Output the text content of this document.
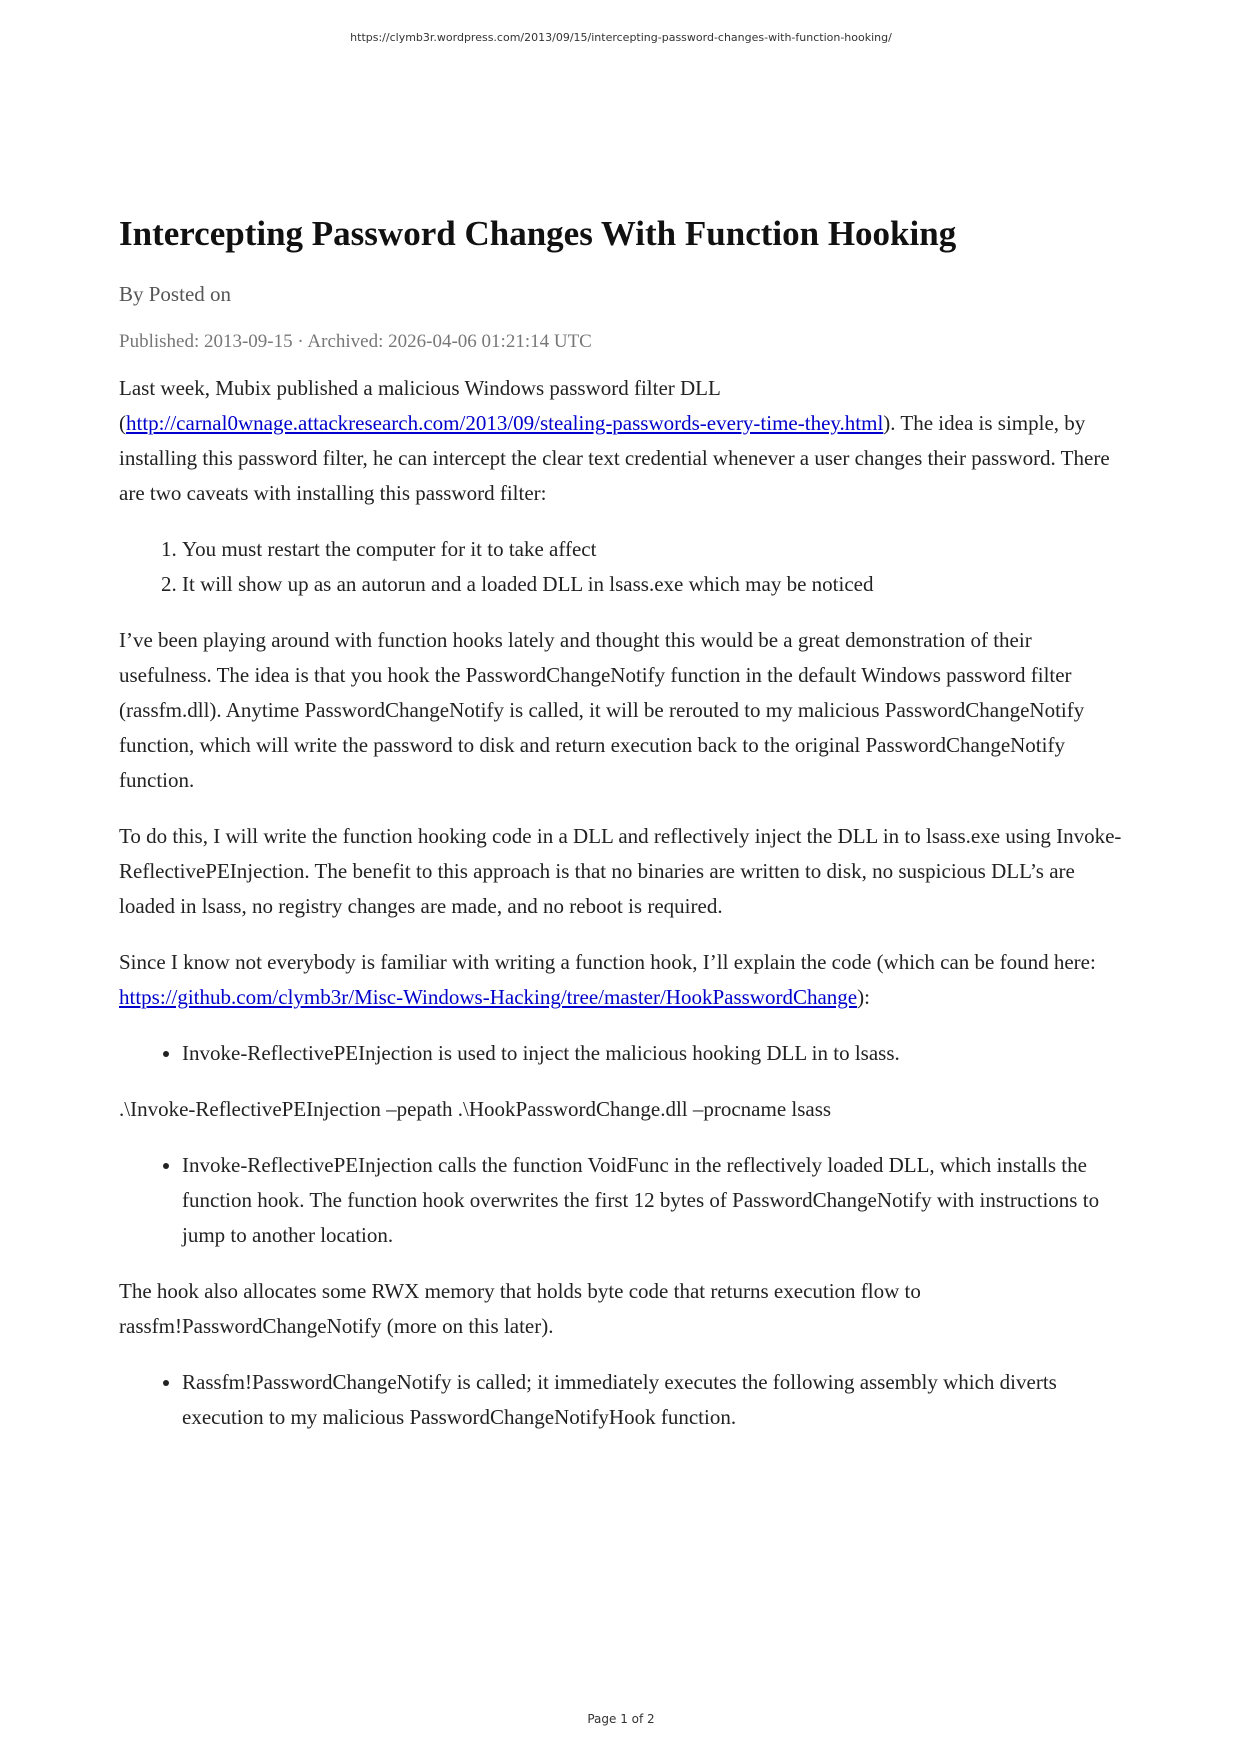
https://clymb3r.wordpress.com/2013/09/15/intercepting-password-changes-with-function-hooking/
Intercepting Password Changes With Function Hooking
By Posted on
Published: 2013-09-15 · Archived: 2026-04-06 01:21:14 UTC

Last week, Mubix published a malicious Windows password filter DLL (http://carnal0wnage.attackresearch.com/2013/09/stealing-passwords-every-time-they.html). The idea is simple, by installing this password filter, he can intercept the clear text credential whenever a user changes their password. There are two caveats with installing this password filter:

1. You must restart the computer for it to take affect
2. It will show up as an autorun and a loaded DLL in lsass.exe which may be noticed

I’ve been playing around with function hooks lately and thought this would be a great demonstration of their usefulness. The idea is that you hook the PasswordChangeNotify function in the default Windows password filter (rassfm.dll). Anytime PasswordChangeNotify is called, it will be rerouted to my malicious PasswordChangeNotify function, which will write the password to disk and return execution back to the original PasswordChangeNotify function.

To do this, I will write the function hooking code in a DLL and reflectively inject the DLL in to lsass.exe using Invoke-ReflectivePEInjection. The benefit to this approach is that no binaries are written to disk, no suspicious DLL’s are loaded in lsass, no registry changes are made, and no reboot is required.

Since I know not everybody is familiar with writing a function hook, I’ll explain the code (which can be found here: https://github.com/clymb3r/Misc-Windows-Hacking/tree/master/HookPasswordChange):

• Invoke-ReflectivePEInjection is used to inject the malicious hooking DLL in to lsass.
.\Invoke-ReflectivePEInjection –pepath .\HookPasswordChange.dll –procname lsass
• Invoke-ReflectivePEInjection calls the function VoidFunc in the reflectively loaded DLL, which installs the function hook. The function hook overwrites the first 12 bytes of PasswordChangeNotify with instructions to jump to another location.

The hook also allocates some RWX memory that holds byte code that returns execution flow to rassfm!PasswordChangeNotify (more on this later).

• Rassfm!PasswordChangeNotify is called; it immediately executes the following assembly which diverts execution to my malicious PasswordChangeNotifyHook function.
Page 1 of 2
